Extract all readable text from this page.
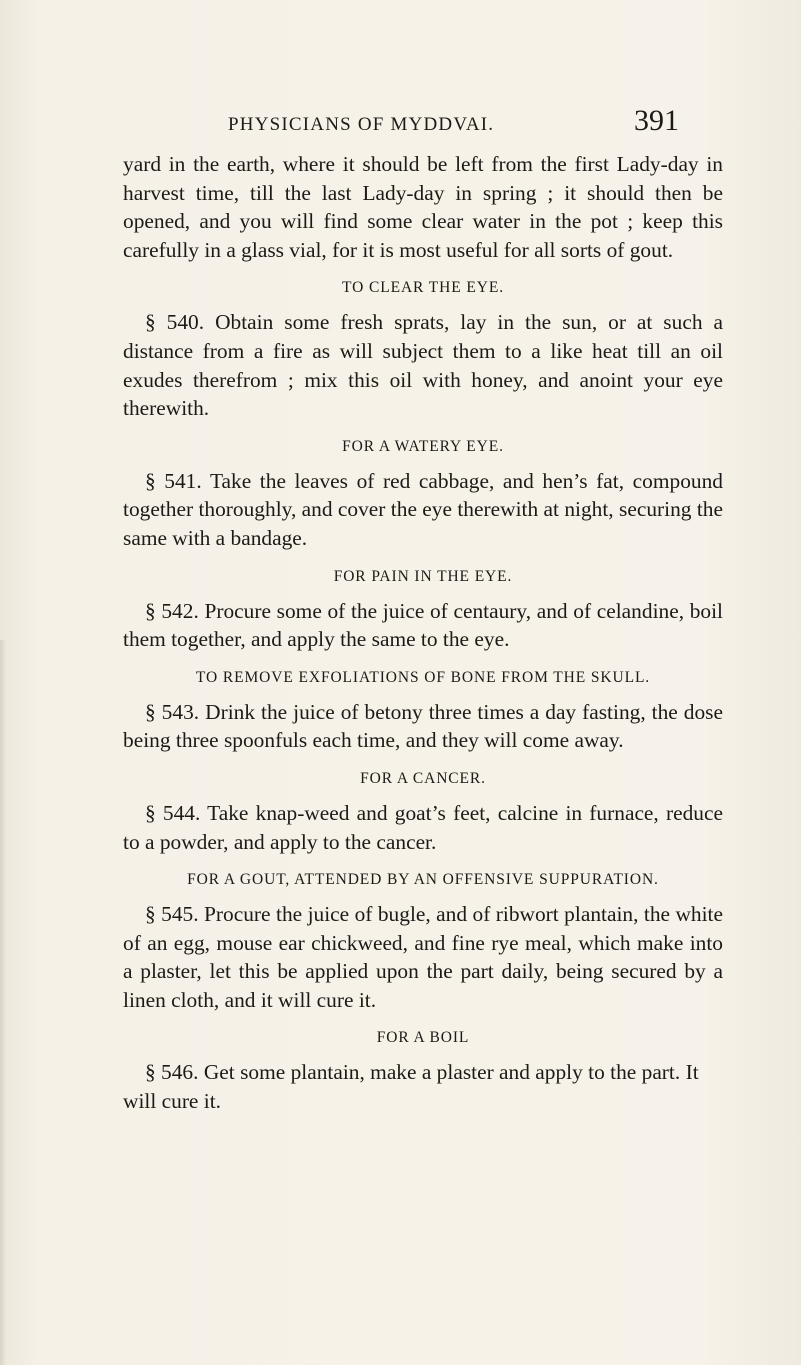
PHYSICIANS OF MYDDVAI.	391

yard in the earth, where it should be left from the first Lady-day in harvest time, till the last Lady-day in spring ; it should then be opened, and you will find some clear water in the pot ; keep this carefully in a glass vial, for it is most useful for all sorts of gout.

TO CLEAR THE EYE.

§ 540. Obtain some fresh sprats, lay in the sun, or at such a distance from a fire as will subject them to a like heat till an oil exudes therefrom ; mix this oil with honey, and anoint your eye therewith.

FOR A WATERY EYE.

§ 541. Take the leaves of red cabbage, and hen’s fat, compound together thoroughly, and cover the eye therewith at night, securing the same with a bandage.

FOR PAIN IN THE EYE.

§ 542. Procure some of the juice of centaury, and of celandine, boil them together, and apply the same to the eye.

TO REMOVE EXFOLIATIONS OF BONE FROM THE SKULL.

§ 543. Drink the juice of betony three times a day fasting, the dose being three spoonfuls each time, and they will come away.

FOR A CANCER.

§ 544. Take knap-weed and goat’s feet, calcine in furnace, reduce to a powder, and apply to the cancer.

FOR A GOUT, ATTENDED BY AN OFFENSIVE SUPPURATION.

§ 545. Procure the juice of bugle, and of ribwort plantain, the white of an egg, mouse ear chickweed, and fine rye meal, which make into a plaster, let this be applied upon the part daily, being secured by a linen cloth, and it will cure it.

FOR A BOIL

§ 546. Get some plantain, make a plaster and apply to the part. It will cure it.
